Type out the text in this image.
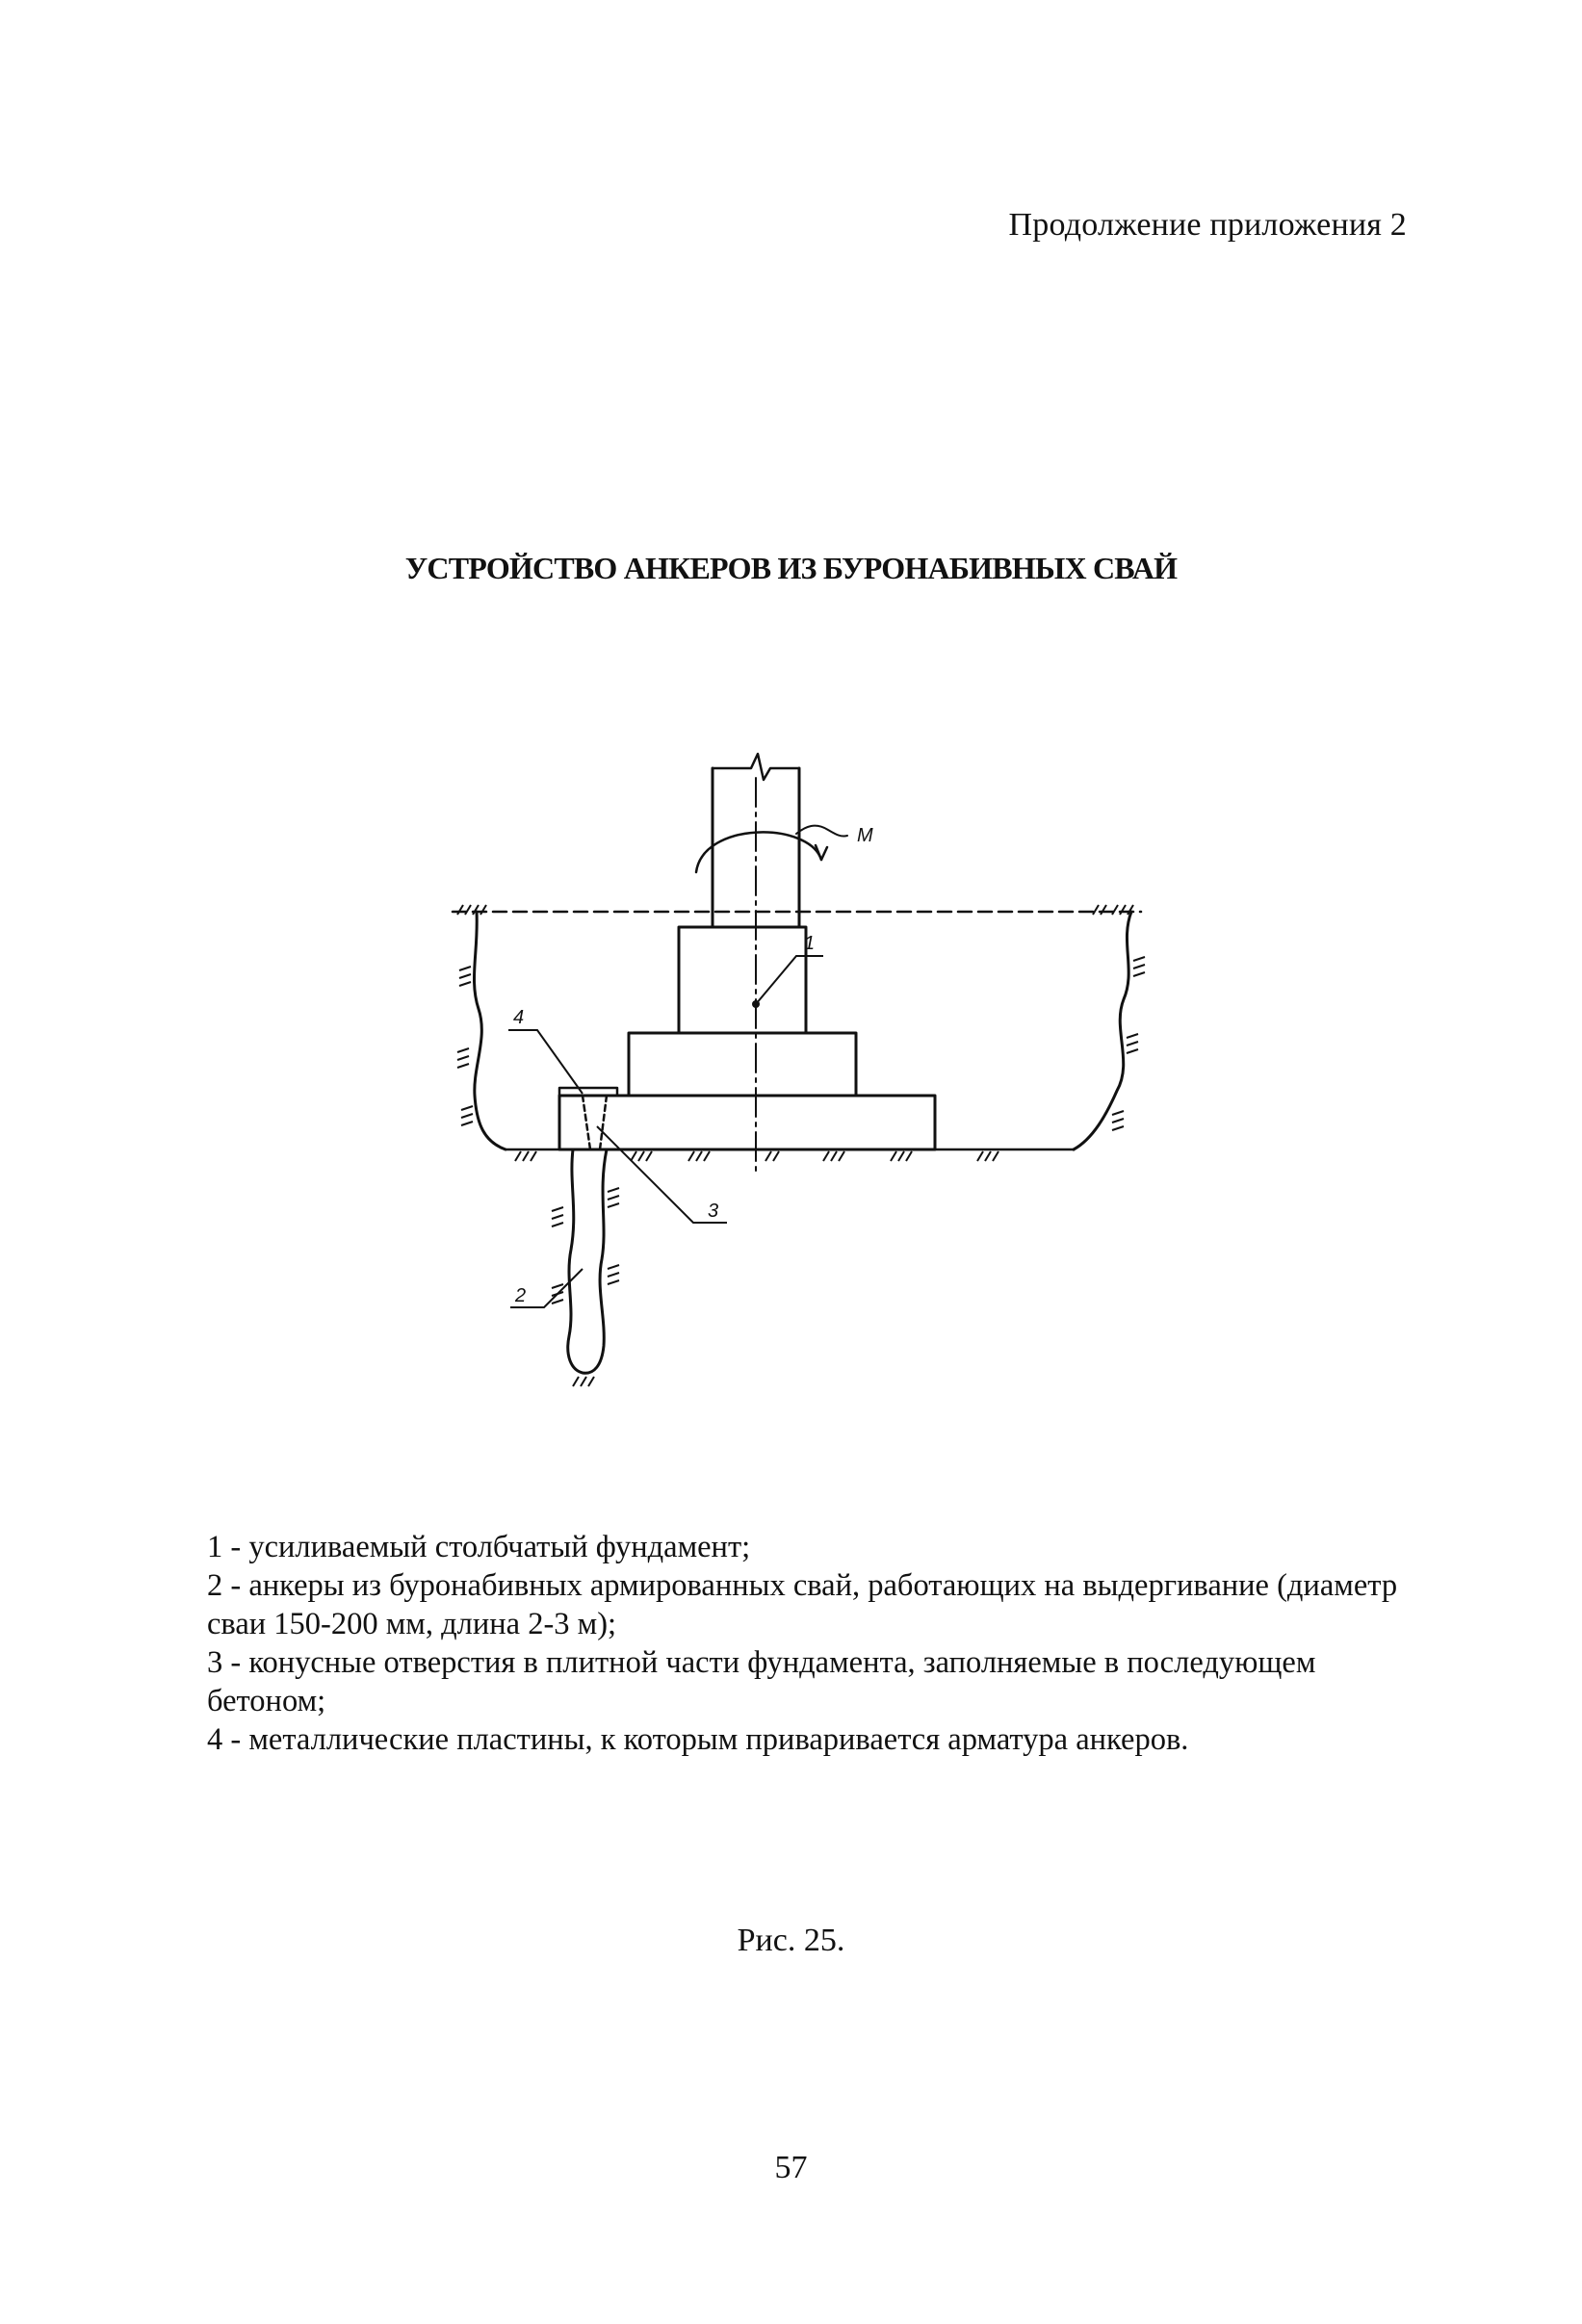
Продолжение приложения 2
УСТРОЙСТВО АНКЕРОВ ИЗ БУРОНАБИВНЫХ СВАЙ
M
1
2
3
4

1 - усиливаемый столбчатый фундамент;

2 - анкеры из буронабивных армированных свай, работающих на выдергивание (диаметр сваи 150-200 мм, длина 2-3 м);

3 - конусные отверстия в плитной части фундамента, заполняемые в последующем бетоном;

4 - металлические пластины, к которым приваривается арматура анкеров.

Рис. 25.
57
